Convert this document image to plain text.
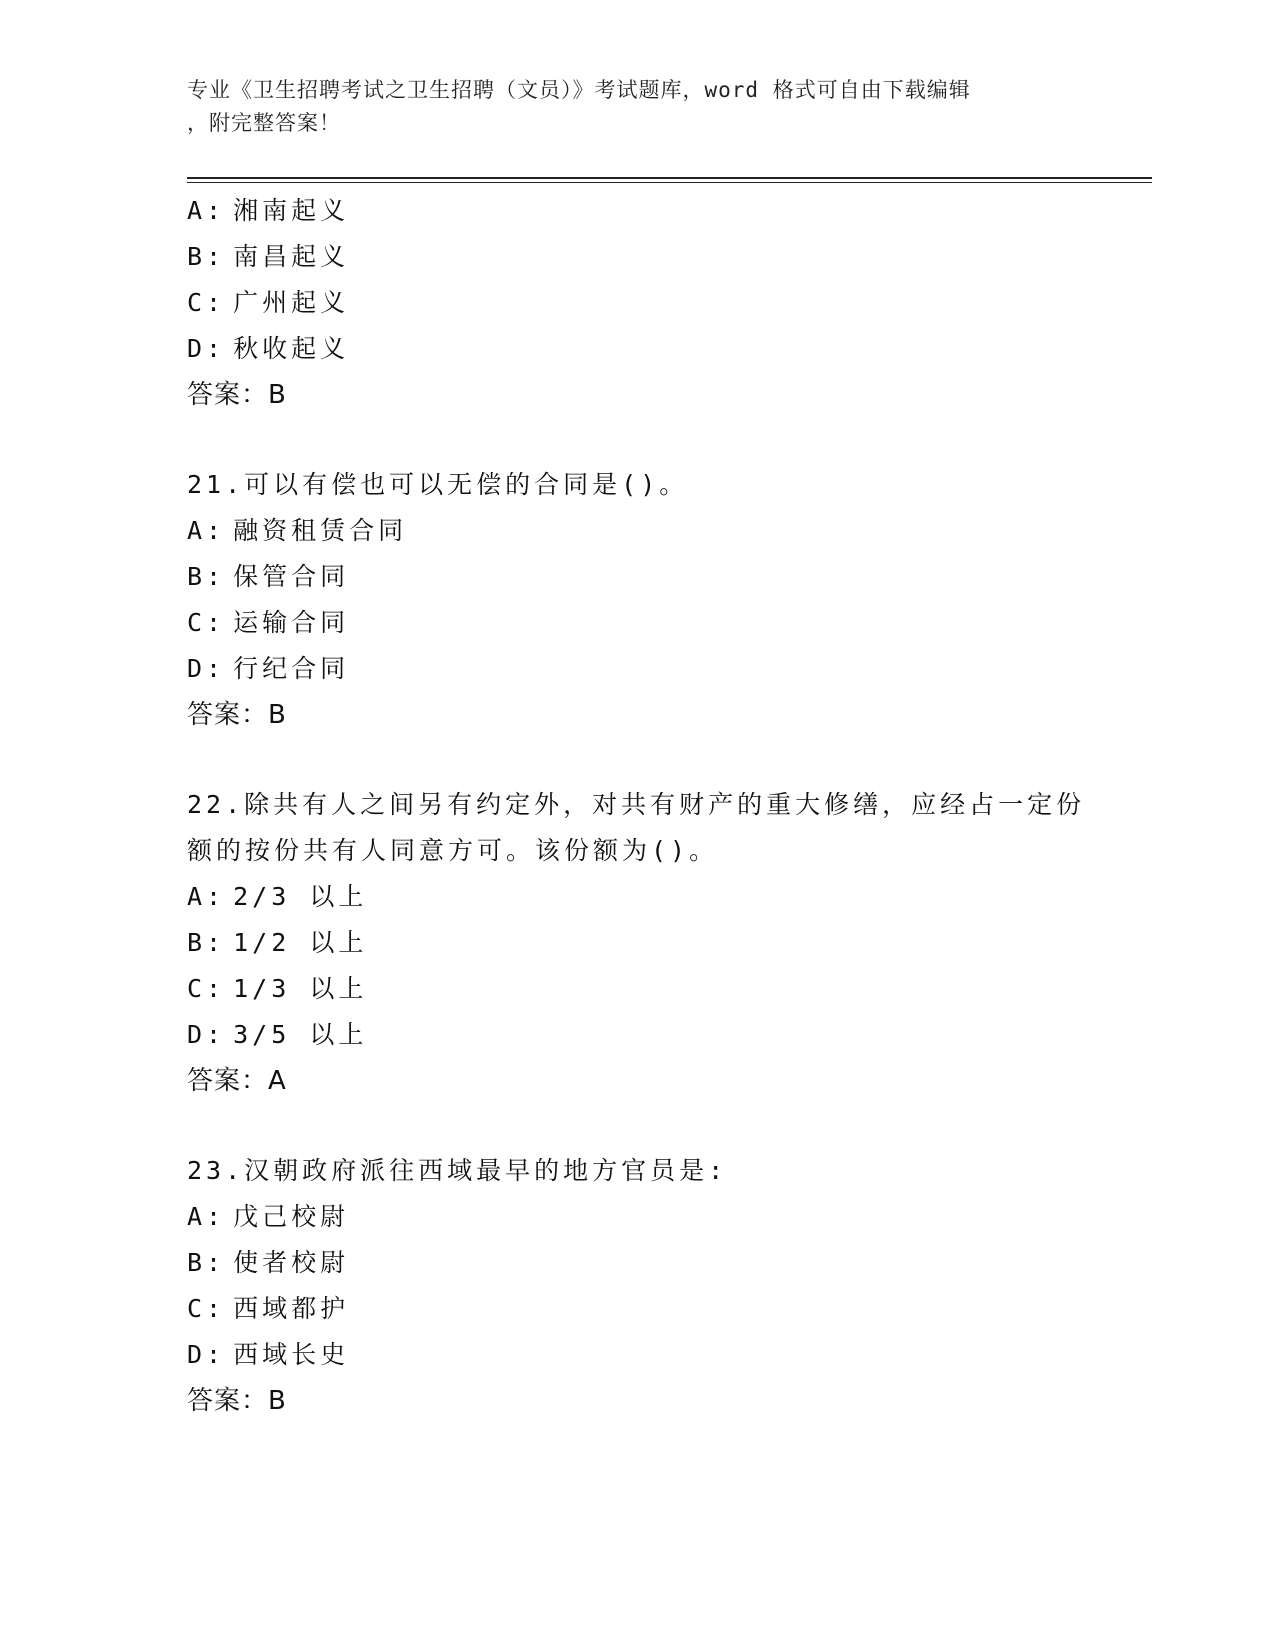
专业《卫生招聘考试之卫生招聘（文员）》考试题库，word 格式可自由下载编辑
，附完整答案！
A: 湘南起义
B: 南昌起义
C: 广州起义
D: 秋收起义
答案：B
21.可以有偿也可以无偿的合同是()。
A: 融资租赁合同
B: 保管合同
C: 运输合同
D: 行纪合同
答案：B
22.除共有人之间另有约定外，对共有财产的重大修缮，应经占一定份
额的按份共有人同意方可。该份额为()。
A: 2/3 以上
B: 1/2 以上
C: 1/3 以上
D: 3/5 以上
答案：A
23.汉朝政府派往西域最早的地方官员是:
A: 戊己校尉
B: 使者校尉
C: 西域都护
D: 西域长史
答案：B
